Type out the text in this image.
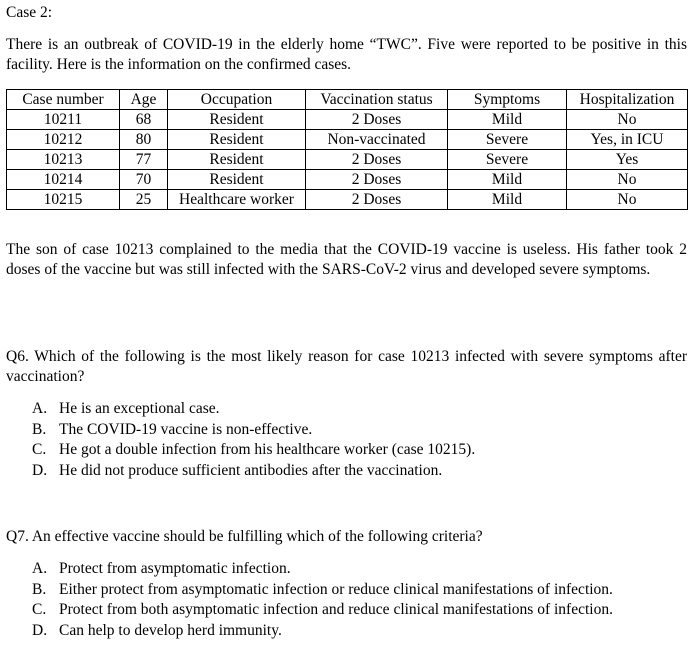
Case 2:

There is an outbreak of COVID-19 in the elderly home “TWC”. Five were reported to be positive in this facility. Here is the information on the confirmed cases.

Case number	Age	Occupation	Vaccination status	Symptoms	Hospitalization
10211	68	Resident	2 Doses	Mild	No
10212	80	Resident	Non-vaccinated	Severe	Yes, in ICU
10213	77	Resident	2 Doses	Severe	Yes
10214	70	Resident	2 Doses	Mild	No
10215	25	Healthcare worker	2 Doses	Mild	No

The son of case 10213 complained to the media that the COVID-19 vaccine is useless. His father took 2 doses of the vaccine but was still infected with the SARS-CoV-2 virus and developed severe symptoms.

Q6. Which of the following is the most likely reason for case 10213 infected with severe symptoms after vaccination?

A. He is an exceptional case.
B. The COVID-19 vaccine is non-effective.
C. He got a double infection from his healthcare worker (case 10215).
D. He did not produce sufficient antibodies after the vaccination.

Q7. An effective vaccine should be fulfilling which of the following criteria?

A. Protect from asymptomatic infection.
B. Either protect from asymptomatic infection or reduce clinical manifestations of infection.
C. Protect from both asymptomatic infection and reduce clinical manifestations of infection.
D. Can help to develop herd immunity.
